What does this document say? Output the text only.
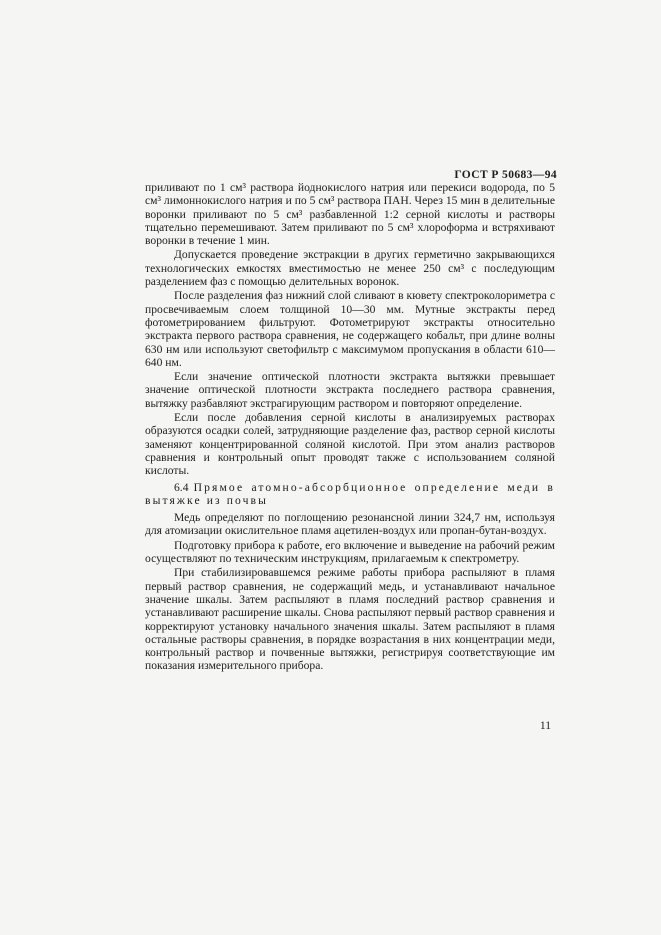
ГОСТ Р 50683—94

приливают по 1 см³ раствора йоднокислого натрия или перекиси водорода, по 5 см³ лимоннокислого натрия и по 5 см³ раствора ПАН. Через 15 мин в делительные воронки приливают по 5 см³ разбавленной 1:2 серной кислоты и растворы тщательно перемешивают. Затем приливают по 5 см³ хлороформа и встряхивают воронки в течение 1 мин.

Допускается проведение экстракции в других герметично закрывающихся технологических емкостях вместимостью не менее 250 см³ с последующим разделением фаз с помощью делительных воронок.

После разделения фаз нижний слой сливают в кювету спектроколориметра с просвечиваемым слоем толщиной 10—30 мм. Мутные экстракты перед фотометрированием фильтруют. Фотометрируют экстракты относительно экстракта первого раствора сравнения, не содержащего кобальт, при длине волны 630 нм или используют светофильтр с максимумом пропускания в области 610—640 нм.

Если значение оптической плотности экстракта вытяжки превышает значение оптической плотности экстракта последнего раствора сравнения, вытяжку разбавляют экстрагирующим раствором и повторяют определение.

Если после добавления серной кислоты в анализируемых растворах образуются осадки солей, затрудняющие разделение фаз, раствор серной кислоты заменяют концентрированной соляной кислотой. При этом анализ растворов сравнения и контрольный опыт проводят также с использованием соляной кислоты.

6.4 Прямое атомно-абсорбционное определение меди в вытяжке из почвы

Медь определяют по поглощению резонансной линии 324,7 нм, используя для атомизации окислительное пламя ацетилен-воздух или пропан-бутан-воздух.

Подготовку прибора к работе, его включение и выведение на рабочий режим осуществляют по техническим инструкциям, прилагаемым к спектрометру.

При стабилизировавшемся режиме работы прибора распыляют в пламя первый раствор сравнения, не содержащий медь, и устанавливают начальное значение шкалы. Затем распыляют в пламя последний раствор сравнения и устанавливают расширение шкалы. Снова распыляют первый раствор сравнения и корректируют установку начального значения шкалы. Затем распыляют в пламя остальные растворы сравнения, в порядке возрастания в них концентрации меди, контрольный раствор и почвенные вытяжки, регистрируя соответствующие им показания измерительного прибора.

11
